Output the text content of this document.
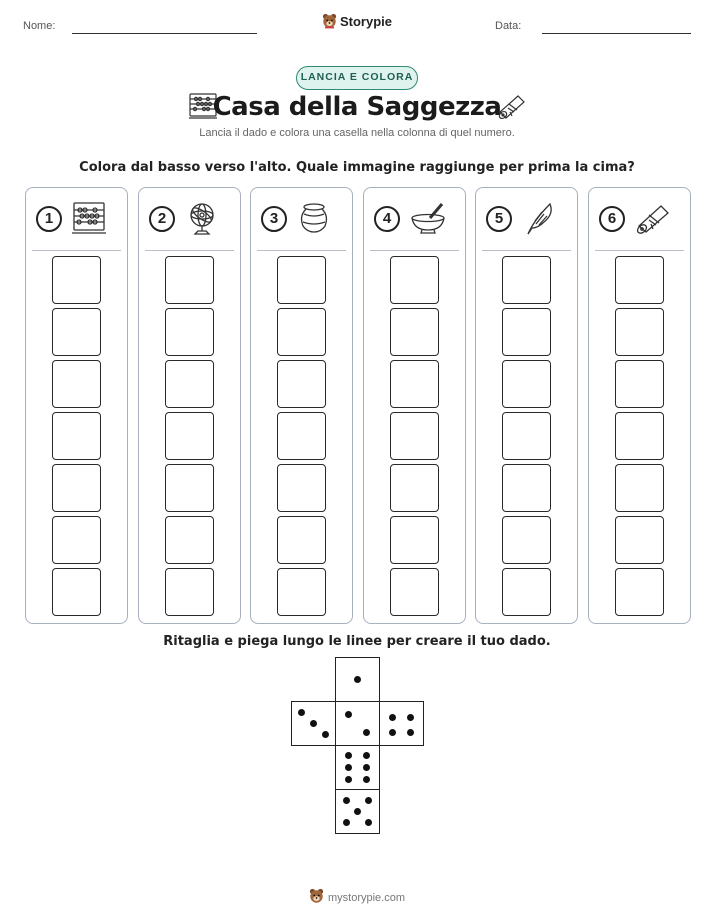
Nome:	Data:
Storypie
LANCIA E COLORA
Casa della Saggezza
Lancia il dado e colora una casella nella colonna di quel numero.
Colora dal basso verso l'alto. Quale immagine raggiunge per prima la cima?
1	2	3	4	5	6
Ritaglia e piega lungo le linee per creare il tuo dado.
mystorypie.com
